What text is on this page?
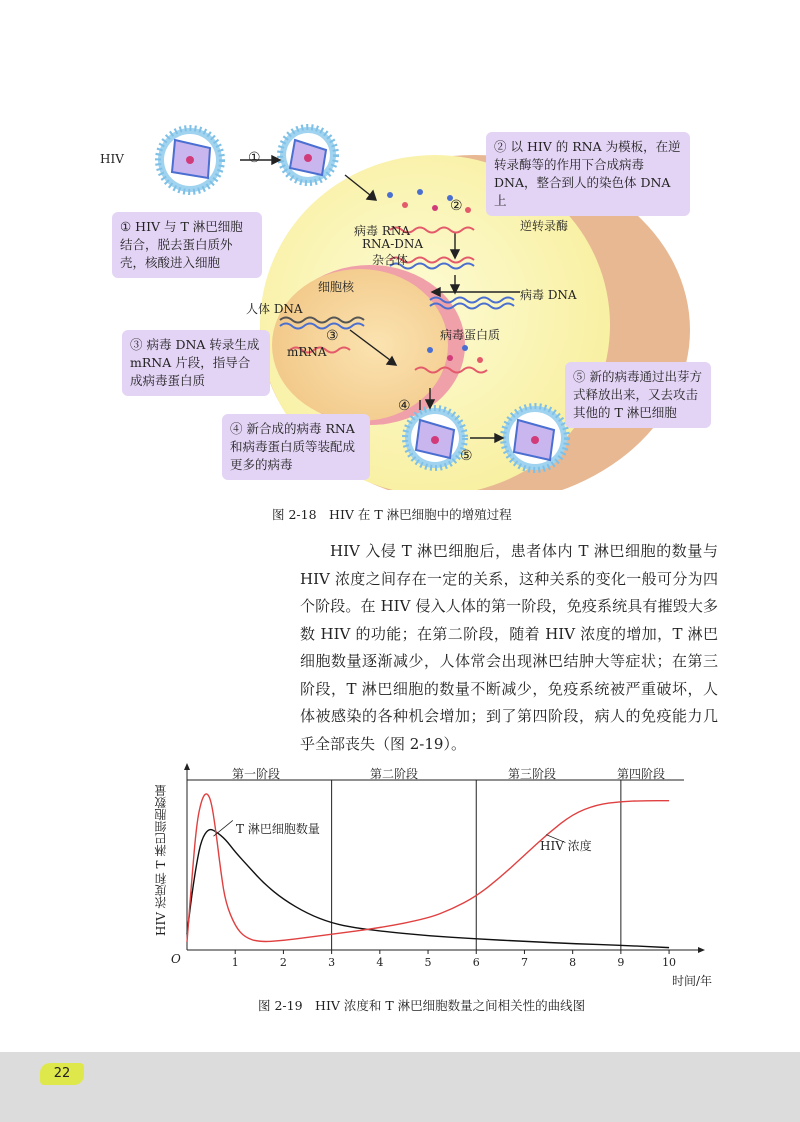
HIV	①
②
③
④
⑤
病毒 RNA
RNA-DNA
杂合体
逆转录酶
病毒 DNA
细胞核
人体 DNA
mRNA
病毒蛋白质
② 以 HIV 的 RNA 为模板，在逆转录酶等的作用下合成病毒 DNA，整合到人的染色体 DNA 上
① HIV 与 T 淋巴细胞结合，脱去蛋白质外壳，核酸进入细胞
③ 病毒 DNA 转录生成 mRNA 片段，指导合成病毒蛋白质	⑤ 新的病毒通过出芽方式释放出来，又去攻击其他的 T 淋巴细胞
④ 新合成的病毒 RNA 和病毒蛋白质等装配成更多的病毒
图 2-18　HIV 在 T 淋巴细胞中的增殖过程

HIV 入侵 T 淋巴细胞后，患者体内 T 淋巴细胞的数量与 HIV 浓度之间存在一定的关系，这种关系的变化一般可分为四个阶段。在 HIV 侵入人体的第一阶段，免疫系统具有摧毁大多数 HIV 的功能；在第二阶段，随着 HIV 浓度的增加，T 淋巴细胞数量逐渐减少，人体常会出现淋巴结肿大等症状；在第三阶段，T 淋巴细胞的数量不断减少，免疫系统被严重破坏，人体被感染的各种机会增加；到了第四阶段，病人的免疫能力几乎全部丧失（图 2-19）。

1	2	3	4	5	6	7	8	9	10
第一阶段	第二阶段	第三阶段	第四阶段
T 淋巴细胞数量
HIV 浓度
HIV 浓度和 T 淋巴细胞数量
O
时间/年
图 2-19　HIV 浓度和 T 淋巴细胞数量之间相关性的曲线图
22
